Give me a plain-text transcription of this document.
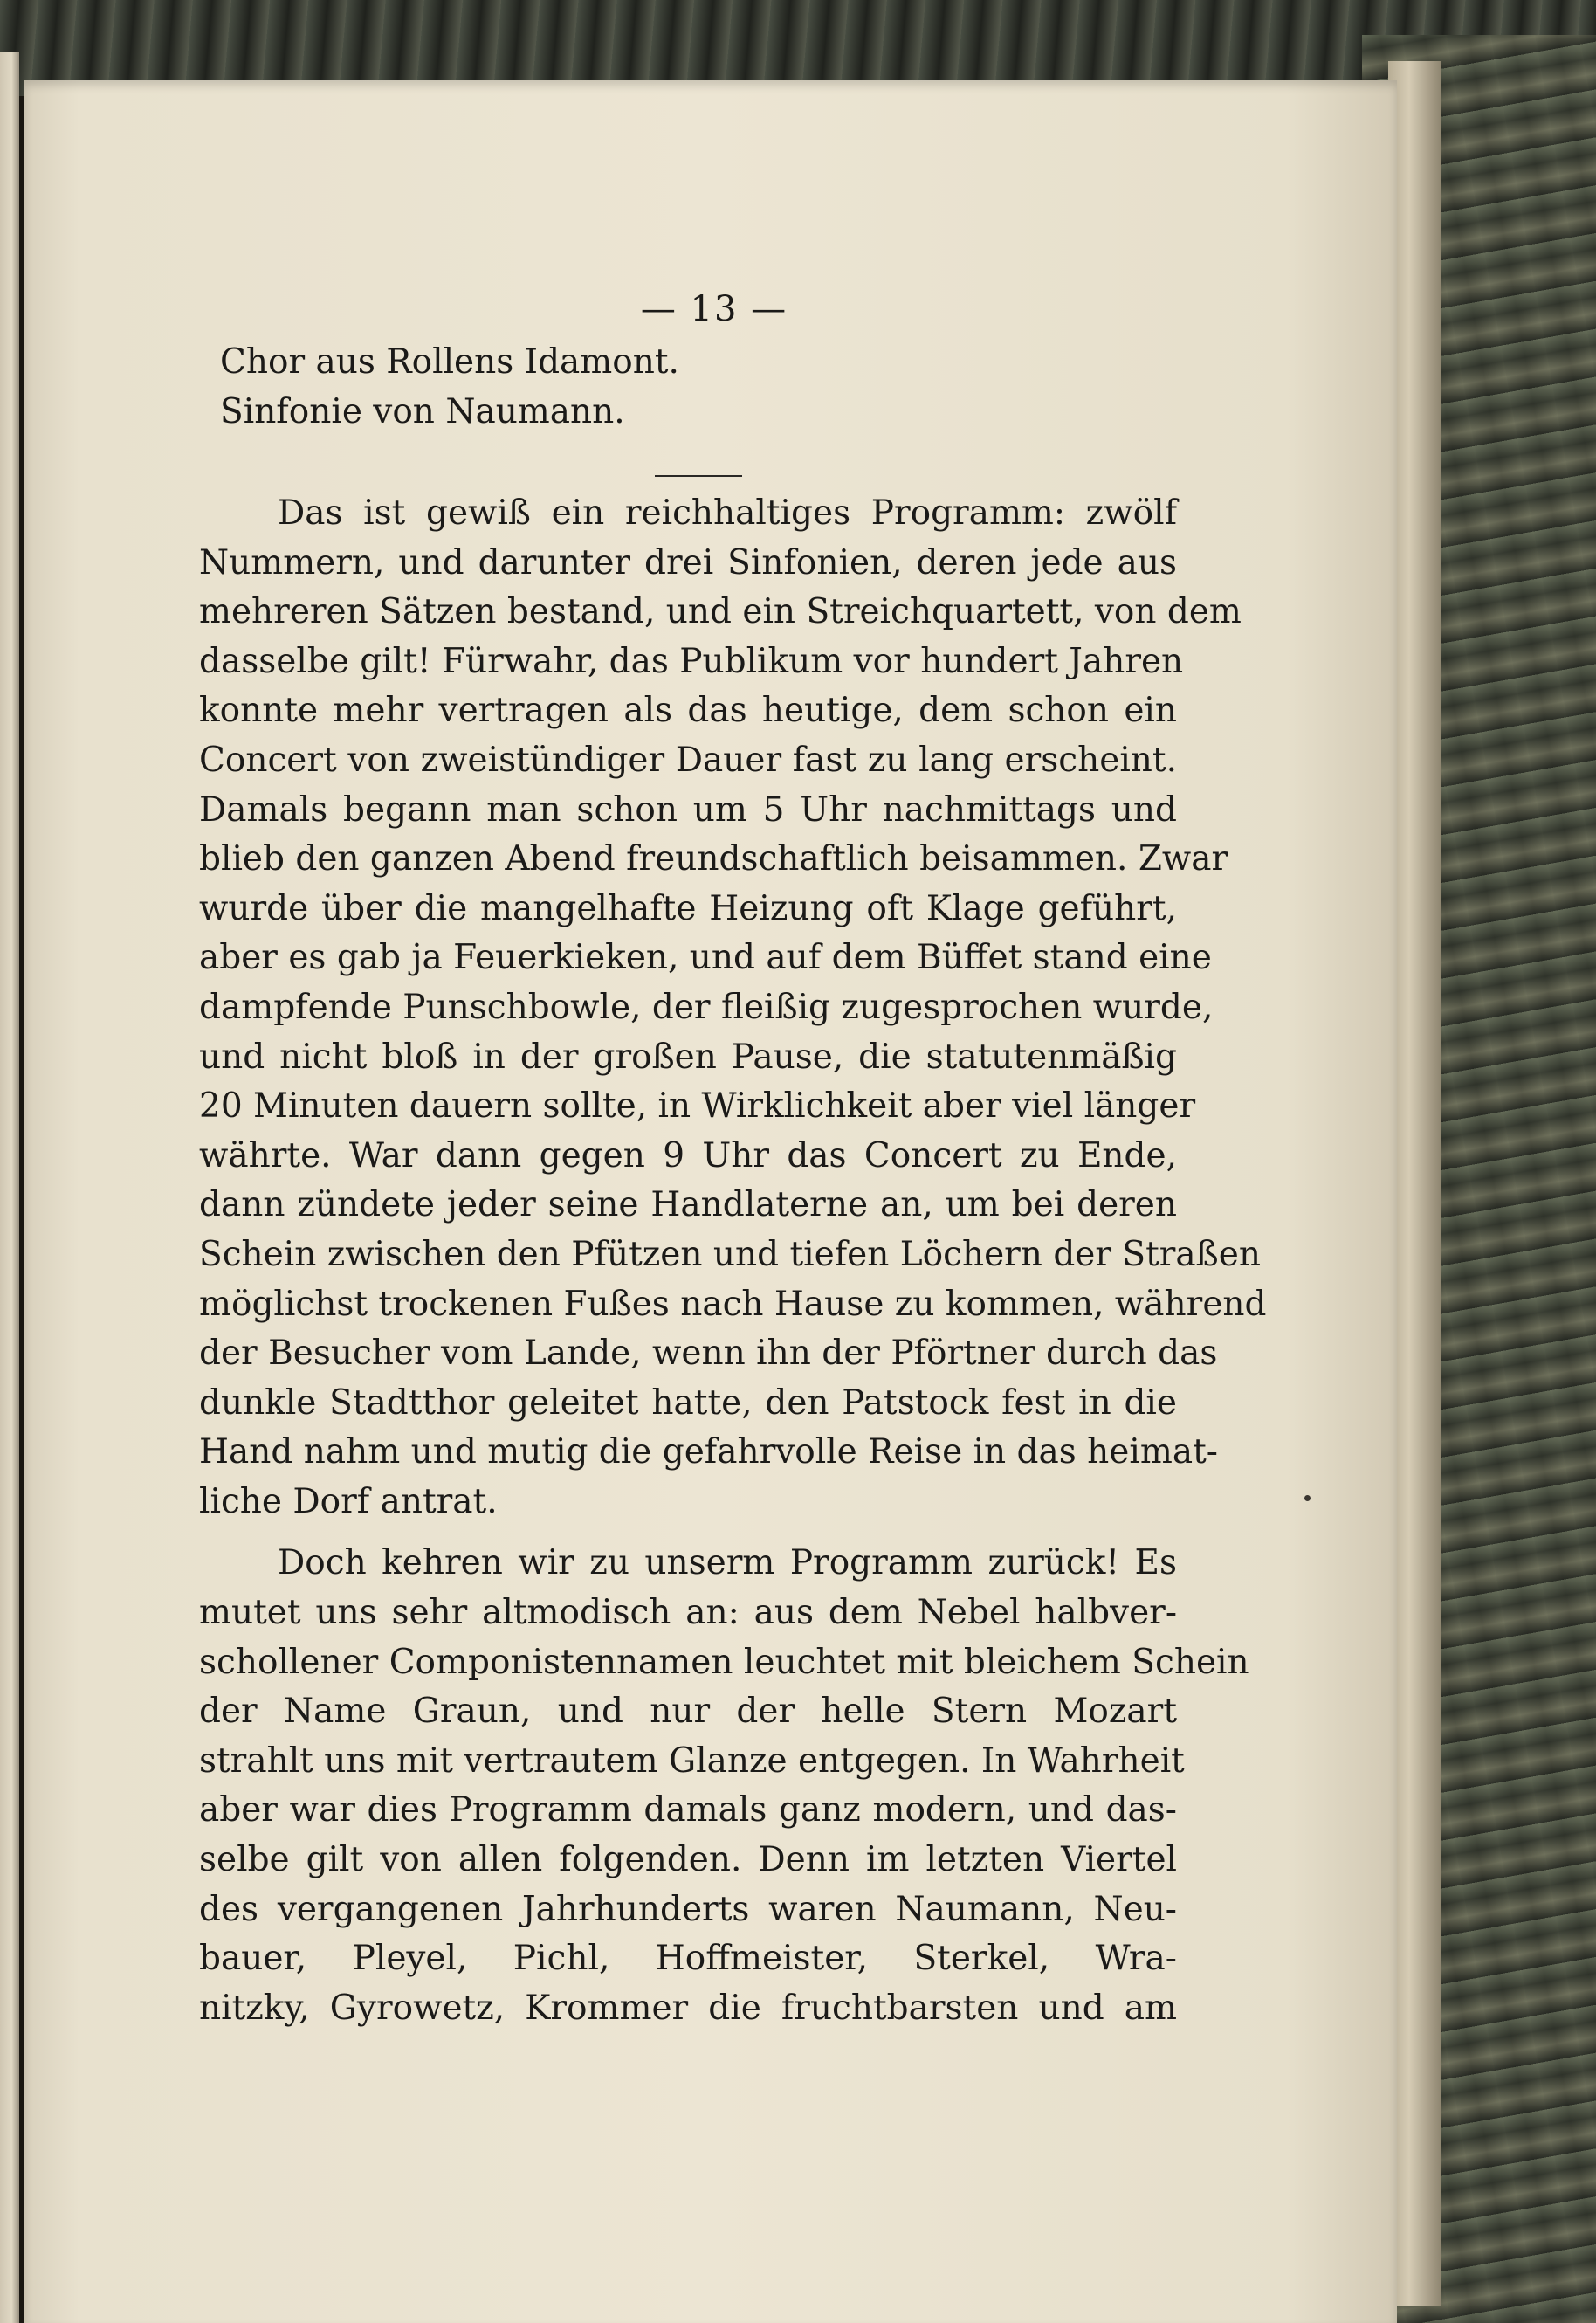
— 13 —
Chor aus Rollens Idamont.
Sinfonie von Naumann.
Das ist gewiß ein reichhaltiges Programm: zwölf
Nummern, und darunter drei Sinfonien, deren jede aus
mehreren Sätzen bestand, und ein Streichquartett, von dem
dasselbe gilt! Fürwahr, das Publikum vor hundert Jahren
konnte mehr vertragen als das heutige, dem schon ein
Concert von zweistündiger Dauer fast zu lang erscheint.
Damals begann man schon um 5 Uhr nachmittags und
blieb den ganzen Abend freundschaftlich beisammen. Zwar
wurde über die mangelhafte Heizung oft Klage geführt,
aber es gab ja Feuerkieken, und auf dem Büffet stand eine
dampfende Punschbowle, der fleißig zugesprochen wurde,
und nicht bloß in der großen Pause, die statutenmäßig
20 Minuten dauern sollte, in Wirklichkeit aber viel länger
währte. War dann gegen 9 Uhr das Concert zu Ende,
dann zündete jeder seine Handlaterne an, um bei deren
Schein zwischen den Pfützen und tiefen Löchern der Straßen
möglichst trockenen Fußes nach Hause zu kommen, während
der Besucher vom Lande, wenn ihn der Pförtner durch das
dunkle Stadtthor geleitet hatte, den Patstock fest in die
Hand nahm und mutig die gefahrvolle Reise in das heimat-
liche Dorf antrat.
Doch kehren wir zu unserm Programm zurück! Es
mutet uns sehr altmodisch an: aus dem Nebel halbver-
schollener Componistennamen leuchtet mit bleichem Schein
der Name Graun, und nur der helle Stern Mozart
strahlt uns mit vertrautem Glanze entgegen. In Wahrheit
aber war dies Programm damals ganz modern, und das-
selbe gilt von allen folgenden. Denn im letzten Viertel
des vergangenen Jahrhunderts waren Naumann, Neu-
bauer, Pleyel, Pichl, Hoffmeister, Sterkel, Wra-
nitzky, Gyrowetz, Krommer die fruchtbarsten und am
